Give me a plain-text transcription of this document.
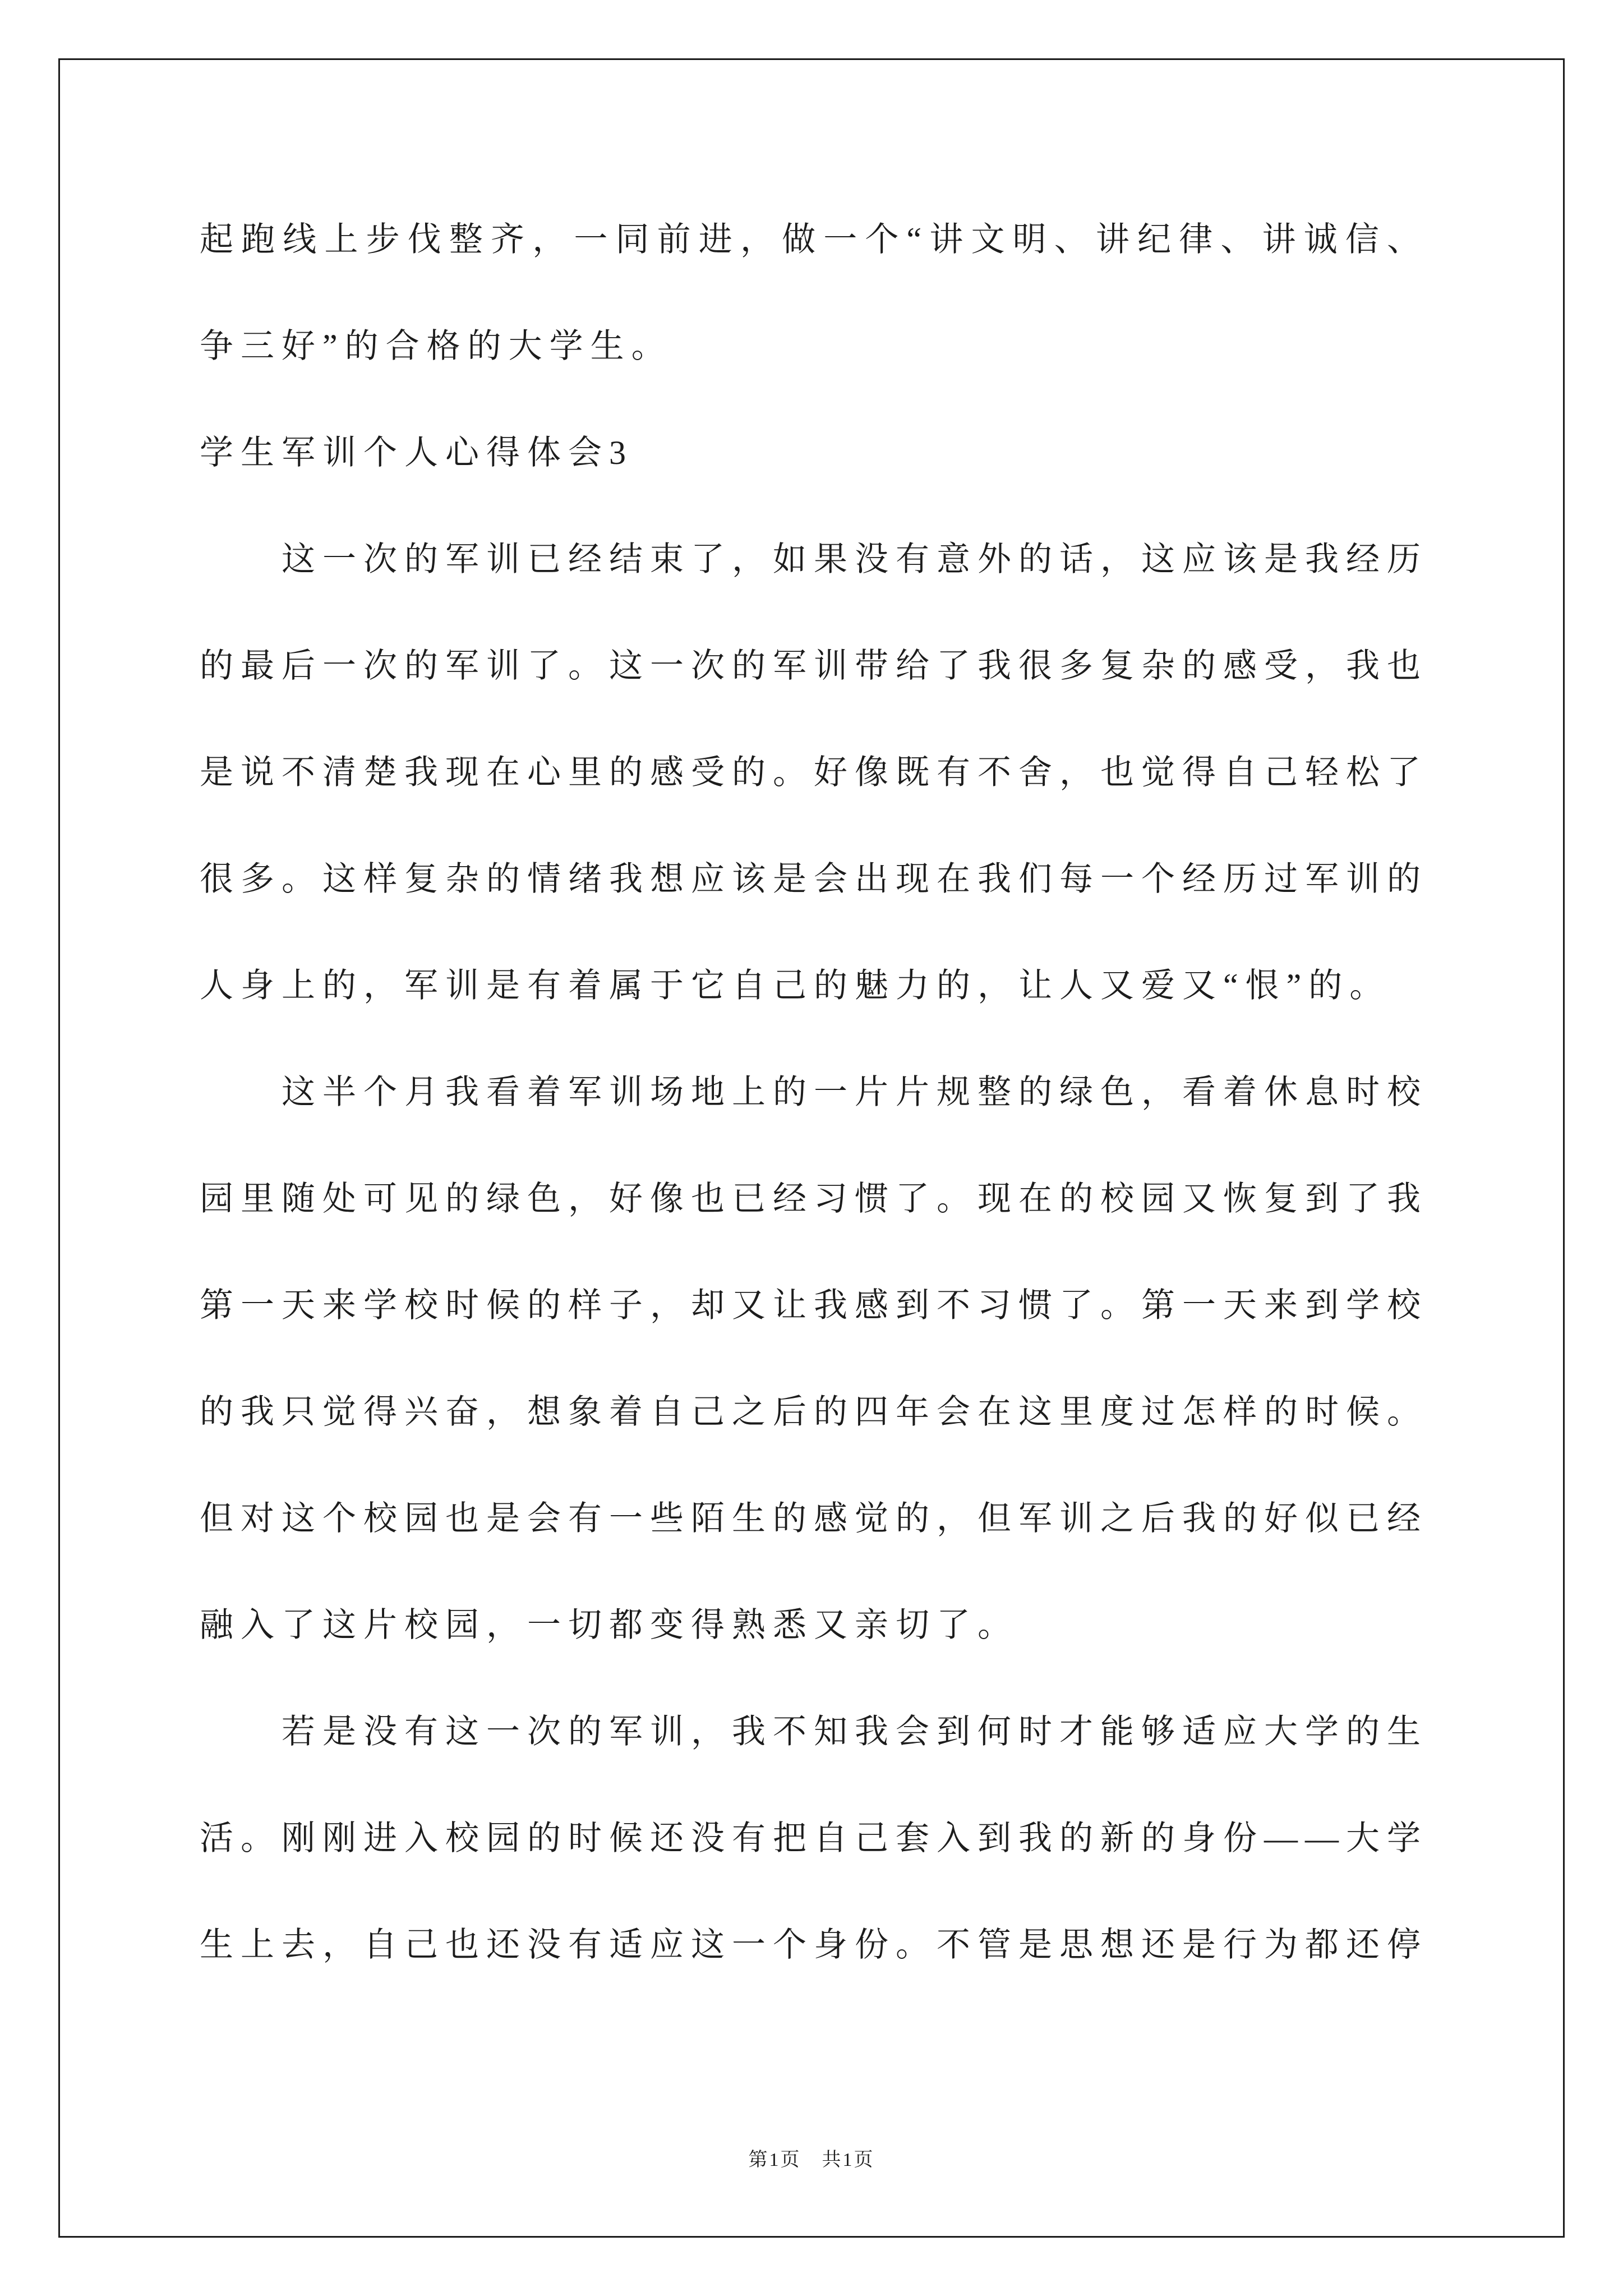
起跑线上步伐整齐，一同前进，做一个“讲文明、讲纪律、讲诚信、争三好”的合格的大学生。

学生军训个人心得体会3

这一次的军训已经结束了，如果没有意外的话，这应该是我经历的最后一次的军训了。这一次的军训带给了我很多复杂的感受，我也是说不清楚我现在心里的感受的。好像既有不舍，也觉得自己轻松了很多。这样复杂的情绪我想应该是会出现在我们每一个经历过军训的人身上的，军训是有着属于它自己的魅力的，让人又爱又“恨”的。

这半个月我看着军训场地上的一片片规整的绿色，看着休息时校园里随处可见的绿色，好像也已经习惯了。现在的校园又恢复到了我第一天来学校时候的样子，却又让我感到不习惯了。第一天来到学校的我只觉得兴奋，想象着自己之后的四年会在这里度过怎样的时候。但对这个校园也是会有一些陌生的感觉的，但军训之后我的好似已经融入了这片校园，一切都变得熟悉又亲切了。

若是没有这一次的军训，我不知我会到何时才能够适应大学的生活。刚刚进入校园的时候还没有把自己套入到我的新的身份——大学生上去，自己也还没有适应这一个身份。不管是思想还是行为都还停

第1页　共1页
